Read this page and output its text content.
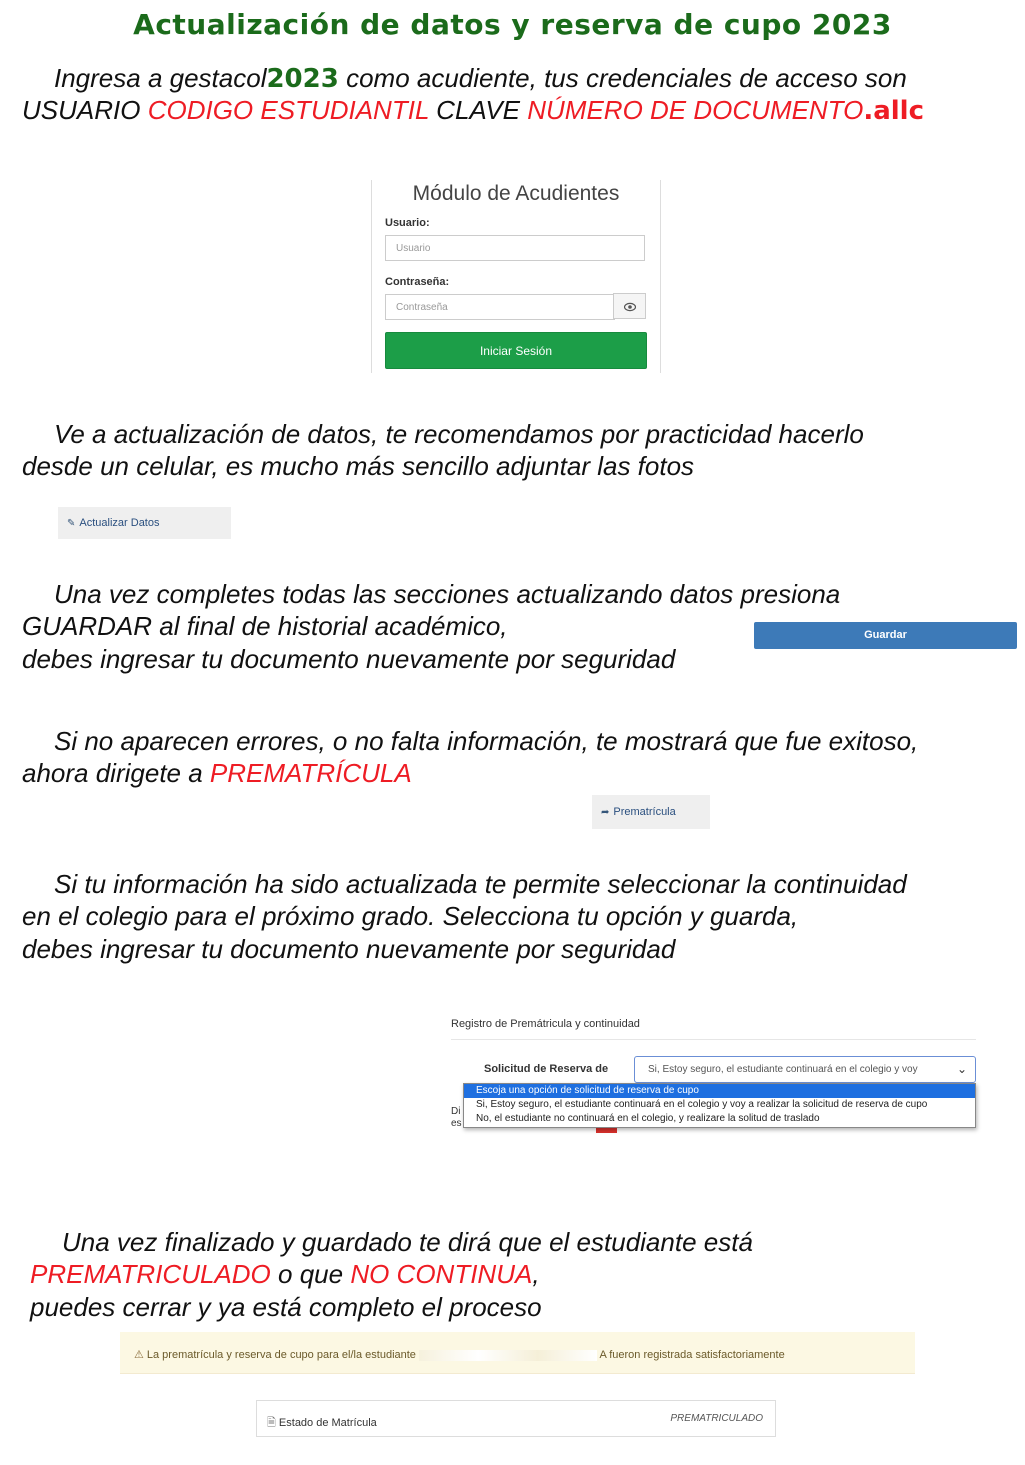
Actualización de datos y reserva de cupo 2023
Ingresa a gestacol2023 como acudiente, tus credenciales de acceso son
USUARIO CODIGO ESTUDIANTIL CLAVE NÚMERO DE DOCUMENTO.allc
Módulo de Acudientes
Usuario:
Usuario
Contraseña:
Contraseña
Iniciar Sesión
Ve a actualización de datos, te recomendamos por practicidad hacerlo
desde un celular, es mucho más sencillo adjuntar las fotos
✎ Actualizar Datos
Una vez completes todas las secciones actualizando datos presiona
GUARDAR al final de historial académico,
debes ingresar tu documento nuevamente por seguridad
Guardar
Si no aparecen errores, o no falta información, te mostrará que fue exitoso,
ahora dirigete a PREMATRÍCULA
➦ Prematrícula
Si tu información ha sido actualizada te permite seleccionar la continuidad
en el colegio para el próximo grado. Selecciona tu opción y guarda,
debes ingresar tu documento nuevamente por seguridad
Registro de Premátricula y continuidad
Solicitud de Reserva de	Si, Estoy seguro, el estudiante continuará en el colegio y voy	⌄
Di
es
Escoja una opción de solicitud de reserva de cupo
Si, Estoy seguro, el estudiante continuará en el colegio y voy a realizar la solicitud de reserva de cupo
No, el estudiante no continuará en el colegio, y realizare la solitud de traslado
Una vez finalizado y guardado te dirá que el estudiante está
PREMATRICULADO o que NO CONTINUA,
puedes cerrar y ya está completo el proceso
⚠ La prematrícula y reserva de cupo para el/la estudiante	A fueron registrada satisfactoriamente
🗎 Estado de Matrícula	PREMATRICULADO
